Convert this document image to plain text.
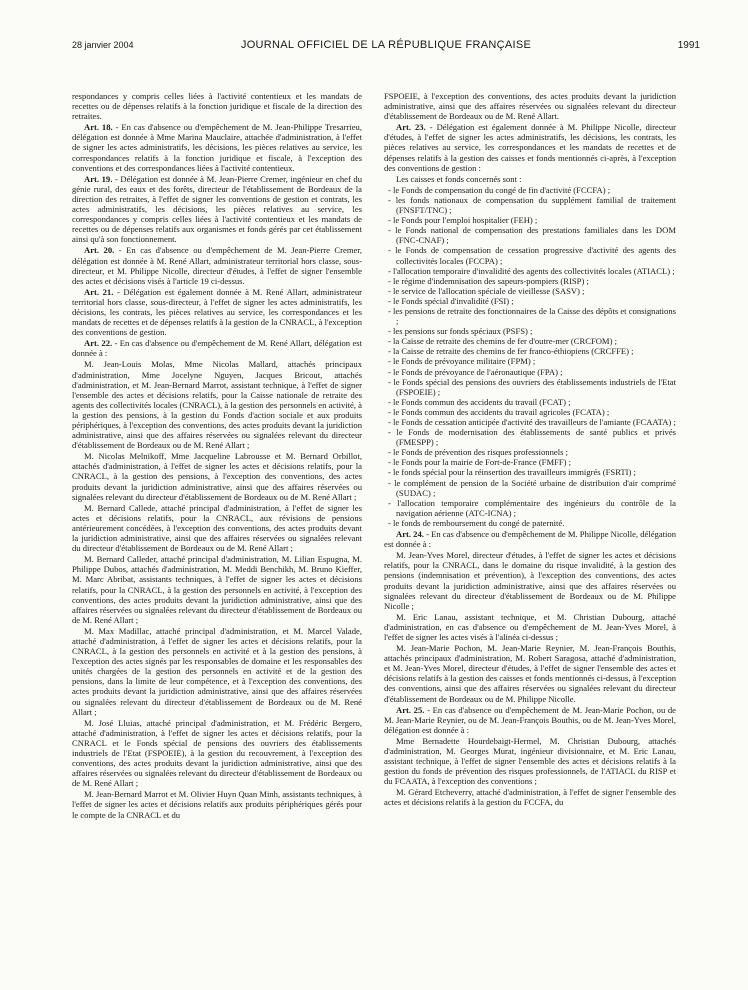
28 janvier 2004	JOURNAL OFFICIEL DE LA RÉPUBLIQUE FRANÇAISE	1991

respondances y compris celles liées à l'activité contentieux et les mandats de recettes ou de dépenses relatifs à la fonction juridique et fiscale de la direction des retraites.

Art. 18. - En cas d'absence ou d'empêchement de M. Jean-Philippe Tresarrieu, délégation est donnée à Mme Marina Mauclaire, attachée d'administration, à l'effet de signer les actes administratifs, les décisions, les pièces relatives au service, les correspondances relatifs à la fonction juridique et fiscale, à l'exception des conventions et des correspondances liées à l'activité contentieux.

Art. 19. - Délégation est donnée à M. Jean-Pierre Cremer, ingénieur en chef du génie rural, des eaux et des forêts, directeur de l'établissement de Bordeaux de la direction des retraites, à l'effet de signer les conventions de gestion et contrats, les actes administratifs, les décisions, les pièces relatives au service, les correspondances y compris celles liées à l'activité contentieux et les mandats de recettes ou de dépenses relatifs aux organismes et fonds gérés par cet établissement ainsi qu'à son fonctionnement.

Art. 20. - En cas d'absence ou d'empêchement de M. Jean-Pierre Cremer, délégation est donnée à M. René Allart, administrateur territorial hors classe, sous-directeur, et M. Philippe Nicolle, directeur d'études, à l'effet de signer l'ensemble des actes et décisions visés à l'article 19 ci-dessus.

Art. 21. - Délégation est également donnée à M. René Allart, administrateur territorial hors classe, sous-directeur, à l'effet de signer les actes administratifs, les décisions, les contrats, les pièces relatives au service, les correspondances et les mandats de recettes et de dépenses relatifs à la gestion de la CNRACL, à l'exception des conventions de gestion.

Art. 22. - En cas d'absence ou d'empêchement de M. René Allart, délégation est donnée à :

M. Jean-Louis Molas, Mme Nicolas Mallard, attachés principaux d'administration, Mme Jocelyne Nguyen, Jacques Bricout, attachés d'administration, et M. Jean-Bernard Marrot, assistant technique, à l'effet de signer l'ensemble des actes et décisions relatifs, pour la Caisse nationale de retraite des agents des collectivités locales (CNRACL), à la gestion des personnels en activité, à la gestion des pensions, à la gestion du Fonds d'action sociale et aux produits périphériques, à l'exception des conventions, des actes produits devant la juridiction administrative, ainsi que des affaires réservées ou signalées relevant du directeur d'établissement de Bordeaux ou de M. René Allart ;

M. Nicolas Melnikoff, Mme Jacqueline Labrousse et M. Bernard Orbillot, attachés d'administration, à l'effet de signer les actes et décisions relatifs, pour la CNRACL, à la gestion des pensions, à l'exception des conventions, des actes produits devant la juridiction administrative, ainsi que des affaires réservées ou signalées relevant du directeur d'établissement de Bordeaux ou de M. René Allart ;

M. Bernard Callede, attaché principal d'administration, à l'effet de signer les actes et décisions relatifs, pour la CNRACL, aux révisions de pensions antérieurement concédées, à l'exception des conventions, des actes produits devant la juridiction administrative, ainsi que des affaires réservées ou signalées relevant du directeur d'établissement de Bordeaux ou de M. René Allart ;

M. Bernard Calleder, attaché principal d'administration, M. Lilian Espugna, M. Philippe Dubos, attachés d'administration, M. Meddi Benchikh, M. Bruno Kieffer, M. Marc Abribat, assistants techniques, à l'effet de signer les actes et décisions relatifs, pour la CNRACL, à la gestion des personnels en activité, à l'exception des conventions, des actes produits devant la juridiction administrative, ainsi que des affaires réservées ou signalées relevant du directeur d'établissement de Bordeaux ou de M. René Allart ;

M. Max Madillac, attaché principal d'administration, et M. Marcel Valade, attaché d'administration, à l'effet de signer les actes et décisions relatifs, pour la CNRACL, à la gestion des personnels en activité et à la gestion des pensions, à l'exception des actes signés par les responsables de domaine et les responsables des unités chargées de la gestion des personnels en activité et de la gestion des pensions, dans la limite de leur compétence, et à l'exception des conventions, des actes produits devant la juridiction administrative, ainsi que des affaires réservées ou signalées relevant du directeur d'établissement de Bordeaux ou de M. René Allart ;

M. José Lluias, attaché principal d'administration, et M. Frédéric Bergero, attaché d'administration, à l'effet de signer les actes et décisions relatifs, pour la CNRACL et le Fonds spécial de pensions des ouvriers des établissements industriels de l'Etat (FSPOEIE), à la gestion du recouvrement, à l'exception des conventions, des actes produits devant la juridiction administrative, ainsi que des affaires réservées ou signalées relevant du directeur d'établissement de Bordeaux ou de M. René Allart ;

M. Jean-Bernard Marrot et M. Olivier Huyn Quan Minh, assistants techniques, à l'effet de signer les actes et décisions relatifs aux produits périphériques gérés pour le compte de la CNRACL et du

FSPOEIE, à l'exception des conventions, des actes produits devant la juridiction administrative, ainsi que des affaires réservées ou signalées relevant du directeur d'établissement de Bordeaux ou de M. René Allart.

Art. 23. - Délégation est également donnée à M. Philippe Nicolle, directeur d'études, à l'effet de signer les actes administratifs, les décisions, les contrats, les pièces relatives au service, les correspondances et les mandats de recettes et de dépenses relatifs à la gestion des caisses et fonds mentionnés ci-après, à l'exception des conventions de gestion :

Les caisses et fonds concernés sont :

- le Fonds de compensation du congé de fin d'activité (FCCFA) ;
- les fonds nationaux de compensation du supplément familial de traitement (FNSFT/TNC) ;
- le Fonds pour l'emploi hospitalier (FEH) ;
- le Fonds national de compensation des prestations familiales dans les DOM (FNC-CNAF) ;
- le Fonds de compensation de cessation progressive d'activité des agents des collectivités locales (FCCPA) ;
- l'allocation temporaire d'invalidité des agents des collectivités locales (ATIACL) ;
- le régime d'indemnisation des sapeurs-pompiers (RISP) ;
- le service de l'allocation spéciale de vieillesse (SASV) ;
- le Fonds spécial d'invalidité (FSI) ;
- les pensions de retraite des fonctionnaires de la Caisse des dépôts et consignations ;
- les pensions sur fonds spéciaux (PSFS) ;
- la Caisse de retraite des chemins de fer d'outre-mer (CRCFOM) ;
- la Caisse de retraite des chemins de fer franco-éthiopiens (CRCFFE) ;
- le Fonds de prévoyance militaire (FPM) ;
- le Fonds de prévoyance de l'aéronautique (FPA) ;
- le Fonds spécial des pensions des ouvriers des établissements industriels de l'Etat (FSPOEIE) ;
- le Fonds commun des accidents du travail (FCAT) ;
- le Fonds commun des accidents du travail agricoles (FCATA) ;
- le Fonds de cessation anticipée d'activité des travailleurs de l'amiante (FCAATA) ;
- le Fonds de modernisation des établissements de santé publics et privés (FMESPP) ;
- le Fonds de prévention des risques professionnels ;
- le Fonds pour la mairie de Fort-de-France (FMFF) ;
- le fonds spécial pour la réinsertion des travailleurs immigrés (FSRTI) ;
- le complément de pension de la Société urbaine de distribution d'air comprimé (SUDAC) ;
- l'allocation temporaire complémentaire des ingénieurs du contrôle de la navigation aérienne (ATC-ICNA) ;
- le fonds de remboursement du congé de paternité.

Art. 24. - En cas d'absence ou d'empêchement de M. Philippe Nicolle, délégation est donnée à :

M. Jean-Yves Morel, directeur d'études, à l'effet de signer les actes et décisions relatifs, pour la CNRACL, dans le domaine du risque invalidité, à la gestion des pensions (indemnisation et prévention), à l'exception des conventions, des actes produits devant la juridiction administrative, ainsi que des affaires réservées ou signalées relevant du directeur d'établissement de Bordeaux ou de M. Philippe Nicolle ;

M. Eric Lanau, assistant technique, et M. Christian Dubourg, attaché d'administration, en cas d'absence ou d'empêchement de M. Jean-Yves Morel, à l'effet de signer les actes visés à l'alinéa ci-dessus ;

M. Jean-Marie Pochon, M. Jean-Marie Reynier, M. Jean-François Bouthis, attachés principaux d'administration, M. Robert Saragosa, attaché d'administration, et M. Jean-Yves Morel, directeur d'études, à l'effet de signer l'ensemble des actes et décisions relatifs à la gestion des caisses et fonds mentionnés ci-dessus, à l'exception des conventions, ainsi que des affaires réservées ou signalées relevant du directeur d'établissement de Bordeaux ou de M. Philippe Nicolle.

Art. 25. - En cas d'absence ou d'empêchement de M. Jean-Marie Pochon, ou de M. Jean-Marie Reynier, ou de M. Jean-François Bouthis, ou de M. Jean-Yves Morel, délégation est donnée à :

Mme Bernadette Hourdebaigt-Hermel, M. Christian Dubourg, attachés d'administration, M. Georges Murat, ingénieur divisionnaire, et M. Eric Lanau, assistant technique, à l'effet de signer l'ensemble des actes et décisions relatifs à la gestion du fonds de prévention des risques professionnels, de l'ATIACL du RISP et du FCAATA, à l'exception des conventions ;

M. Gérard Etcheverry, attaché d'administration, à l'effet de signer l'ensemble des actes et décisions relatifs à la gestion du FCCFA, du
